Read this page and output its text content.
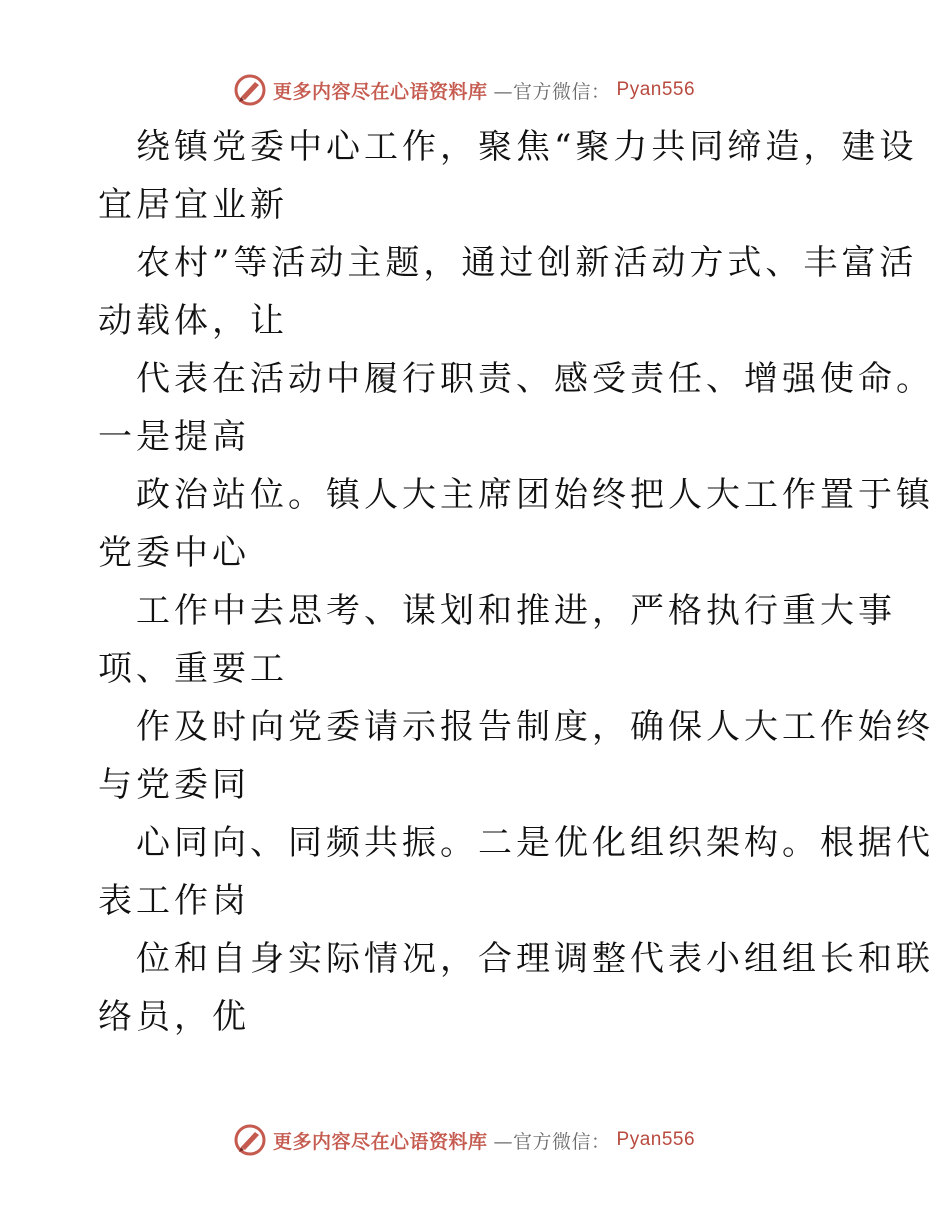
更多内容尽在心语资料库 —官方微信： Pyan556
绕镇党委中心工作，聚焦“聚力共同缔造，建设
宜居宜业新
农村”等活动主题，通过创新活动方式、丰富活
动载体，让
代表在活动中履行职责、感受责任、增强使命。
一是提高
政治站位。镇人大主席团始终把人大工作置于镇
党委中心
工作中去思考、谋划和推进，严格执行重大事
项、重要工
作及时向党委请示报告制度，确保人大工作始终
与党委同
心同向、同频共振。二是优化组织架构。根据代
表工作岗
位和自身实际情况，合理调整代表小组组长和联
络员，优
更多内容尽在心语资料库 —官方微信： Pyan556
